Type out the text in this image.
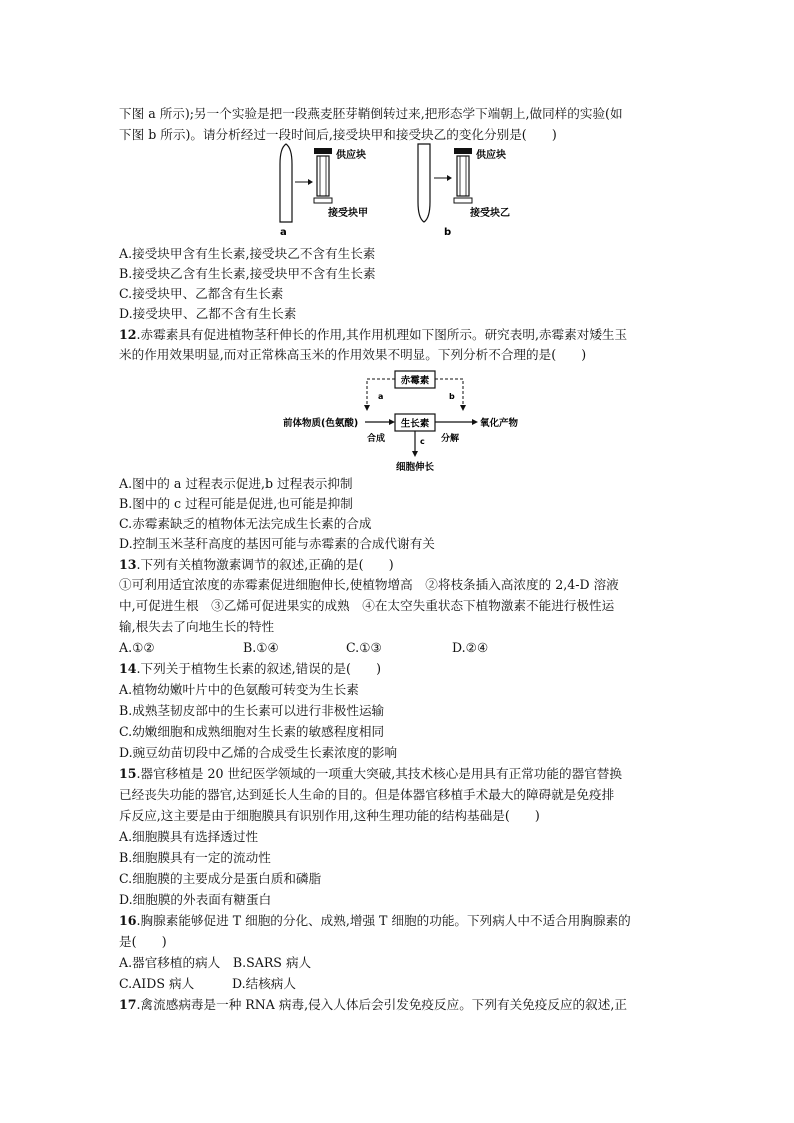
下图 a 所示);另一个实验是把一段燕麦胚芽鞘倒转过来,把形态学下端朝上,做同样的实验(如
下图 b 所示)。请分析经过一段时间后,接受块甲和接受块乙的变化分别是(　　)
供应块
接受块甲
a
供应块
接受块乙
b
A.接受块甲含有生长素,接受块乙不含有生长素
B.接受块乙含有生长素,接受块甲不含有生长素
C.接受块甲、乙都含有生长素
D.接受块甲、乙都不含有生长素
12.赤霉素具有促进植物茎秆伸长的作用,其作用机理如下图所示。研究表明,赤霉素对矮生玉
米的作用效果明显,而对正常株高玉米的作用效果不明显。下列分析不合理的是(　　)
赤霉素
生长素
a	b
前体物质(色氨酸)
合成
氧化产物
分解
c
细胞伸长
A.图中的 a 过程表示促进,b 过程表示抑制
B.图中的 c 过程可能是促进,也可能是抑制
C.赤霉素缺乏的植物体无法完成生长素的合成
D.控制玉米茎秆高度的基因可能与赤霉素的合成代谢有关
13.下列有关植物激素调节的叙述,正确的是(　　)
①可利用适宜浓度的赤霉素促进细胞伸长,使植物增高　②将枝条插入高浓度的 2,4-D 溶液
中,可促进生根　③乙烯可促进果实的成熟　④在太空失重状态下植物激素不能进行极性运
输,根失去了向地生长的特性
A.①②	B.①④	C.①③	D.②④
14.下列关于植物生长素的叙述,错误的是(　　)
A.植物幼嫩叶片中的色氨酸可转变为生长素
B.成熟茎韧皮部中的生长素可以进行非极性运输
C.幼嫩细胞和成熟细胞对生长素的敏感程度相同
D.豌豆幼苗切段中乙烯的合成受生长素浓度的影响
15.器官移植是 20 世纪医学领域的一项重大突破,其技术核心是用具有正常功能的器官替换
已经丧失功能的器官,达到延长人生命的目的。但是体器官移植手术最大的障碍就是免疫排
斥反应,这主要是由于细胞膜具有识别作用,这种生理功能的结构基础是(　　)
A.细胞膜具有选择透过性
B.细胞膜具有一定的流动性
C.细胞膜的主要成分是蛋白质和磷脂
D.细胞膜的外表面有糖蛋白
16.胸腺素能够促进 T 细胞的分化、成熟,增强 T 细胞的功能。下列病人中不适合用胸腺素的
是(　　)
A.器官移植的病人　B.SARS 病人
C.AIDS 病人　　　D.结核病人
17.禽流感病毒是一种 RNA 病毒,侵入人体后会引发免疫反应。下列有关免疫反应的叙述,正
